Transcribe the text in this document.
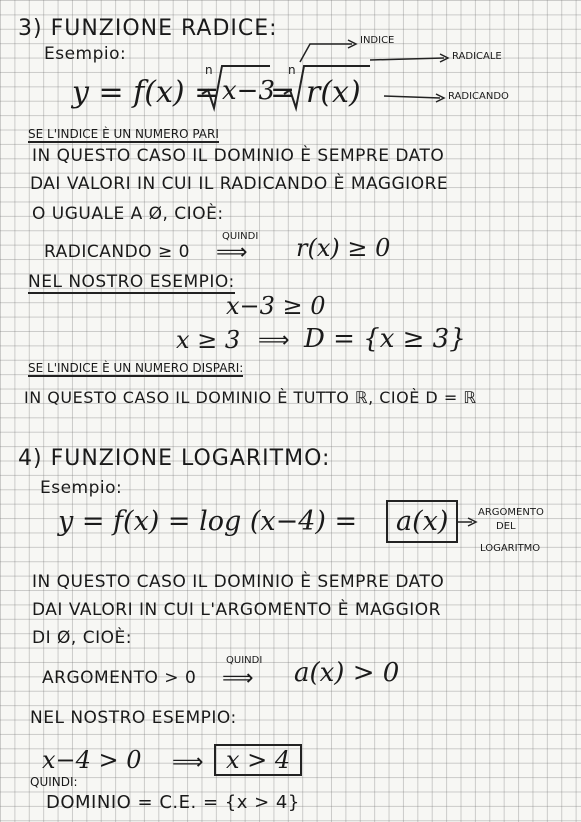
3) FUNZIONE RADICE:
Esempio:
INDICE
RADICALE
RADICANDO
y = f(x) =
n
x−3
=
n
r(x)
SE L'INDICE È UN NUMERO PARI
IN QUESTO CASO IL DOMINIO È SEMPRE DATO
DAI VALORI IN CUI IL RADICANDO È MAGGIORE
O UGUALE A Ø, CIOÈ:
RADICANDO ≥ 0
QUINDI
⟹ r(x) ≥ 0
NEL NOSTRO ESEMPIO:
x−3 ≥ 0
x ≥ 3 ⟹ D = {x ≥ 3}
SE L'INDICE È UN NUMERO DISPARI:
IN QUESTO CASO IL DOMINIO È TUTTO ℝ, CIOÈ D = ℝ
4) FUNZIONE LOGARITMO:
Esempio:
y = f(x) = log (x−4) =	a(x)	ARGOMENTO
DEL
LOGARITMO
IN QUESTO CASO IL DOMINIO È SEMPRE DATO
DAI VALORI IN CUI L'ARGOMENTO È MAGGIOR
DI Ø, CIOÈ:
ARGOMENTO > 0
QUINDI
⟹ a(x) > 0
NEL NOSTRO ESEMPIO:
x−4 > 0 ⟹ x > 4
QUINDI:
DOMINIO = C.E. = {x > 4}
